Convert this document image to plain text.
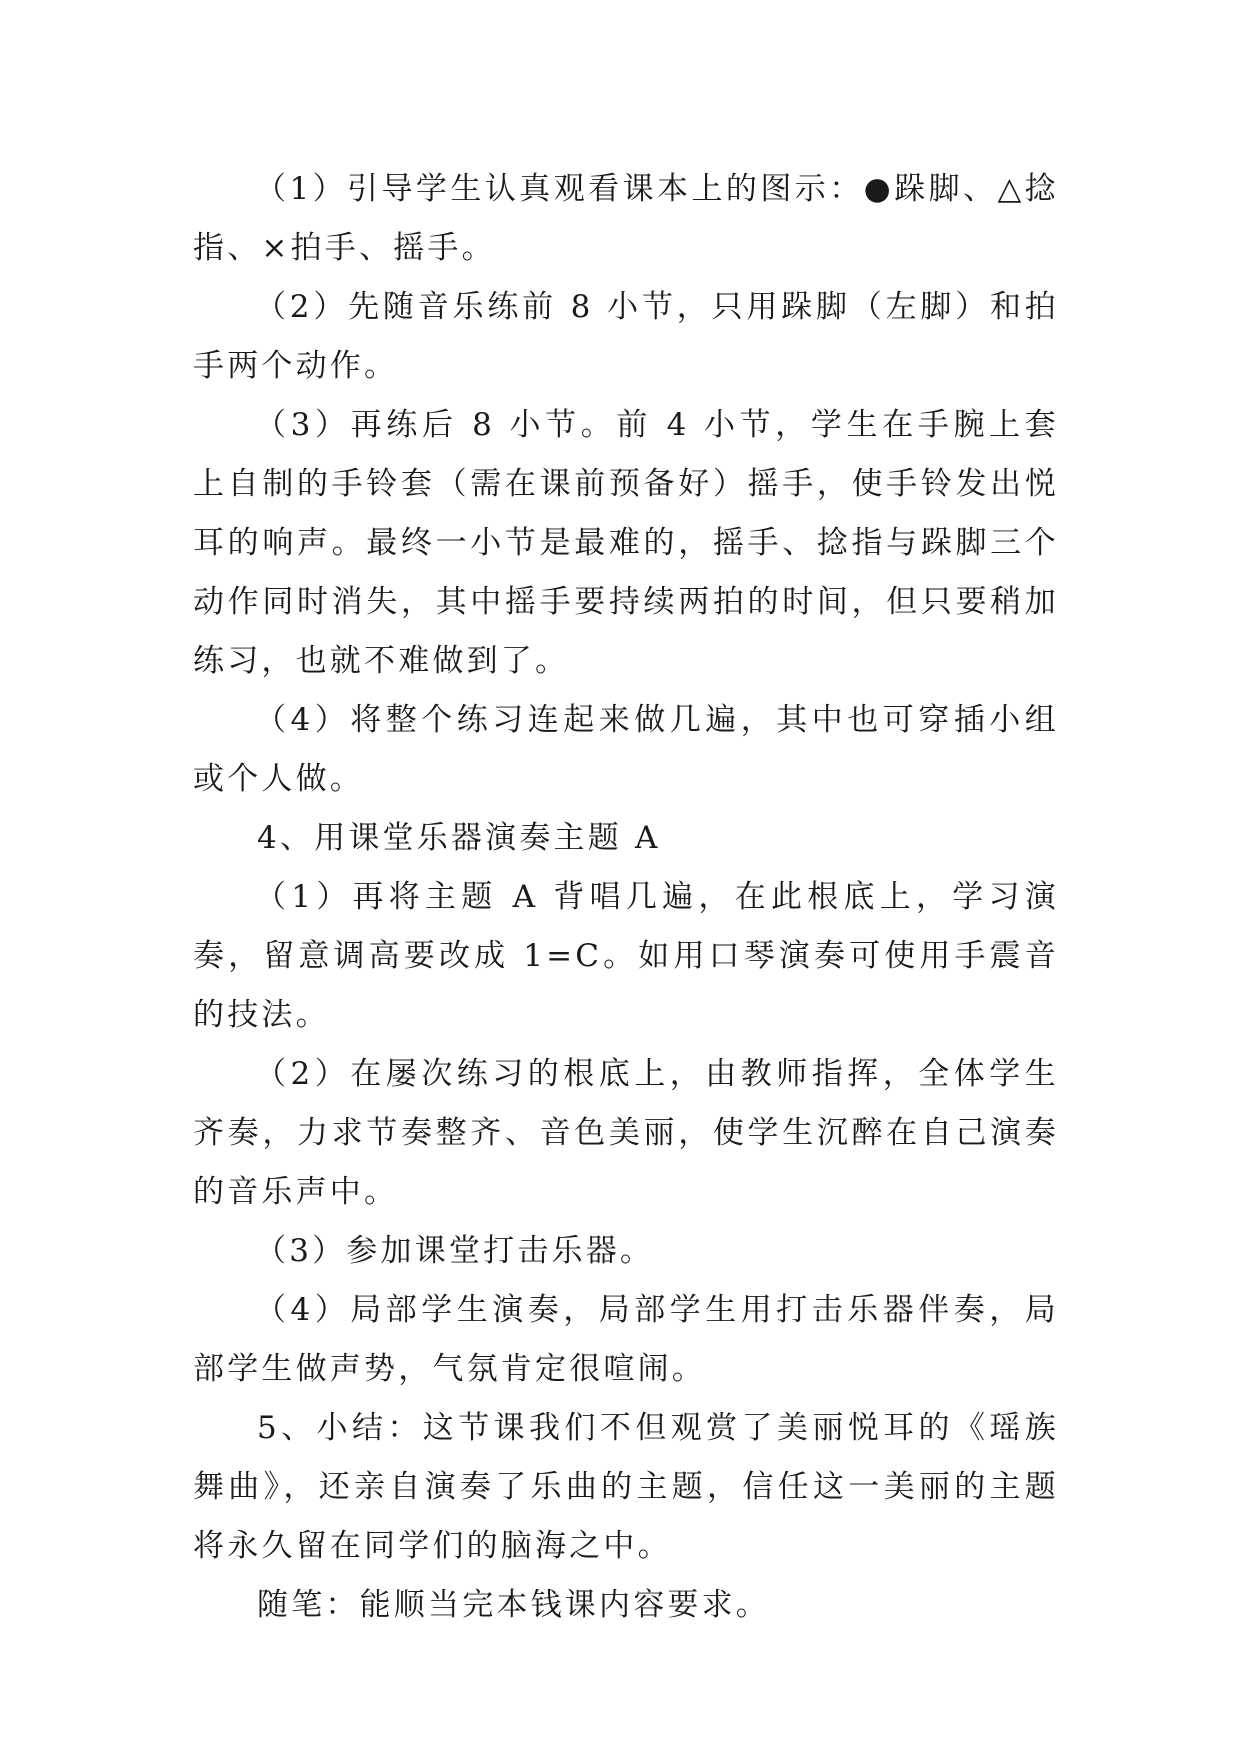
（1）引导学生认真观看课本上的图示：●跺脚、△捻指、×拍手、摇手。

（2）先随音乐练前 8 小节，只用跺脚（左脚）和拍手两个动作。

（3）再练后 8 小节。前 4 小节，学生在手腕上套上自制的手铃套（需在课前预备好）摇手，使手铃发出悦耳的响声。最终一小节是最难的，摇手、捻指与跺脚三个动作同时消失，其中摇手要持续两拍的时间，但只要稍加练习，也就不难做到了。

（4）将整个练习连起来做几遍，其中也可穿插小组或个人做。

4、用课堂乐器演奏主题 A

（1）再将主题 A 背唱几遍，在此根底上，学习演奏，留意调高要改成 1=C。如用口琴演奏可使用手震音的技法。

（2）在屡次练习的根底上，由教师指挥，全体学生齐奏，力求节奏整齐、音色美丽，使学生沉醉在自己演奏的音乐声中。

（3）参加课堂打击乐器。

（4）局部学生演奏，局部学生用打击乐器伴奏，局部学生做声势，气氛肯定很喧闹。

5、小结：这节课我们不但观赏了美丽悦耳的《瑶族舞曲》，还亲自演奏了乐曲的主题，信任这一美丽的主题将永久留在同学们的脑海之中。

随笔：能顺当完本钱课内容要求。
